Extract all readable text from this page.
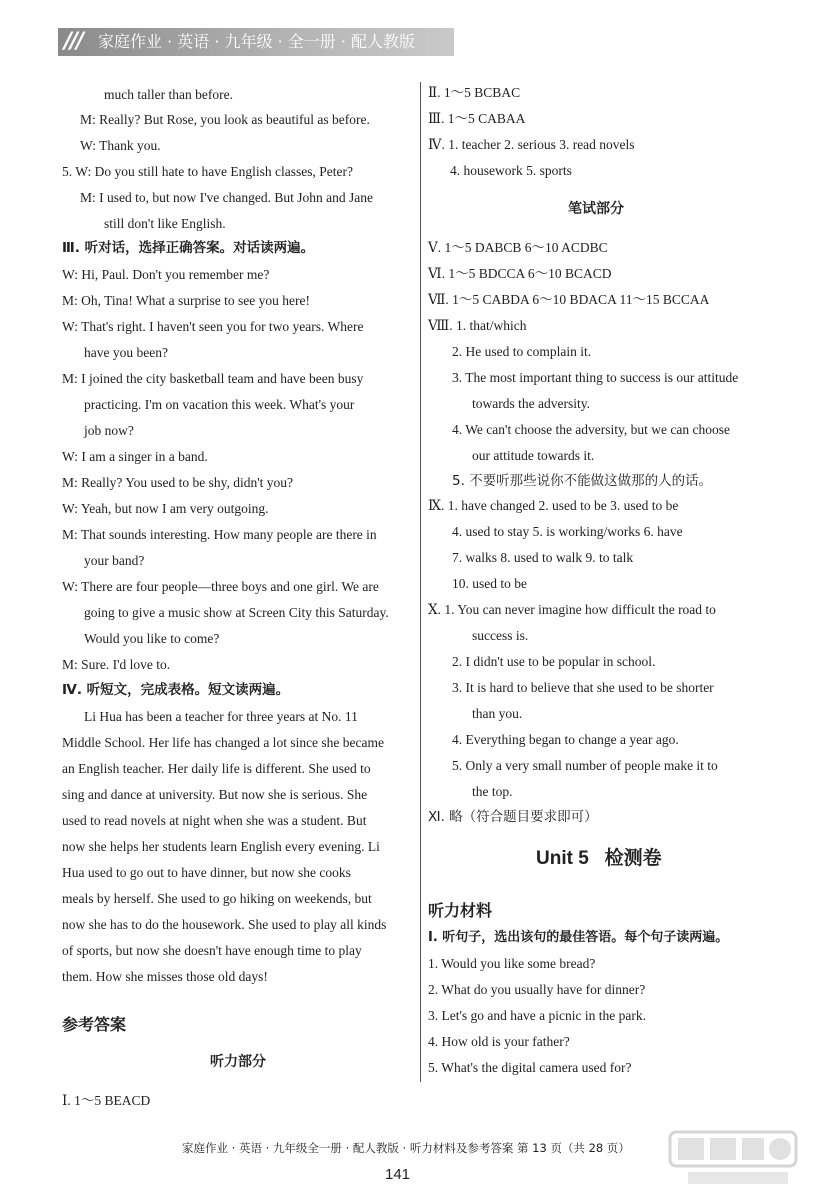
/// 家庭作业 · 英语 · 九年级 · 全一册 · 配人教版
much taller than before.
M: Really? But Rose, you look as beautiful as before.
W: Thank you.
5. W: Do you still hate to have English classes, Peter?
M: I used to, but now I've changed. But John and Jane
still don't like English.
Ⅲ. 听对话，选择正确答案。对话读两遍。
W: Hi, Paul. Don't you remember me?
M: Oh, Tina! What a surprise to see you here!
W: That's right. I haven't seen you for two years. Where
have you been?
M: I joined the city basketball team and have been busy
practicing. I'm on vacation this week. What's your
job now?
W: I am a singer in a band.
M: Really? You used to be shy, didn't you?
W: Yeah, but now I am very outgoing.
M: That sounds interesting. How many people are there in
your band?
W: There are four people—three boys and one girl. We are
going to give a music show at Screen City this Saturday.
Would you like to come?
M: Sure. I'd love to.
Ⅳ. 听短文，完成表格。短文读两遍。
Li Hua has been a teacher for three years at No. 11
Middle School. Her life has changed a lot since she became
an English teacher. Her daily life is different. She used to
sing and dance at university. But now she is serious. She
used to read novels at night when she was a student. But
now she helps her students learn English every evening. Li
Hua used to go out to have dinner, but now she cooks
meals by herself. She used to go hiking on weekends, but
now she has to do the housework. She used to play all kinds
of sports, but now she doesn't have enough time to play
them. How she misses those old days!
参考答案
听力部分
Ⅰ. 1～5 BEACD
Ⅱ. 1～5 BCBAC
Ⅲ. 1～5 CABAA
Ⅳ. 1. teacher 2. serious 3. read novels
4. housework 5. sports
笔试部分
Ⅴ. 1～5 DABCB 6～10 ACDBC
Ⅵ. 1～5 BDCCA 6～10 BCACD
Ⅶ. 1～5 CABDA 6～10 BDACA 11～15 BCCAA
Ⅷ. 1. that/which
2. He used to complain it.
3. The most important thing to success is our attitude
towards the adversity.
4. We can't choose the adversity, but we can choose
our attitude towards it.
5. 不要听那些说你不能做这做那的人的话。
Ⅸ. 1. have changed 2. used to be 3. used to be
4. used to stay 5. is working/works 6. have
7. walks 8. used to walk 9. to talk
10. used to be
Ⅹ. 1. You can never imagine how difficult the road to
success is.
2. I didn't use to be popular in school.
3. It is hard to believe that she used to be shorter
than you.
4. Everything began to change a year ago.
5. Only a very small number of people make it to
the top.
Ⅺ. 略（符合题目要求即可）
Unit 5 检测卷
听力材料
Ⅰ. 听句子，选出该句的最佳答语。每个句子读两遍。
1. Would you like some bread?
2. What do you usually have for dinner?
3. Let's go and have a picnic in the park.
4. How old is your father?
5. What's the digital camera used for?
家庭作业 · 英语 · 九年级全一册 · 配人教版 · 听力材料及参考答案 第 13 页（共 28 页）
141
